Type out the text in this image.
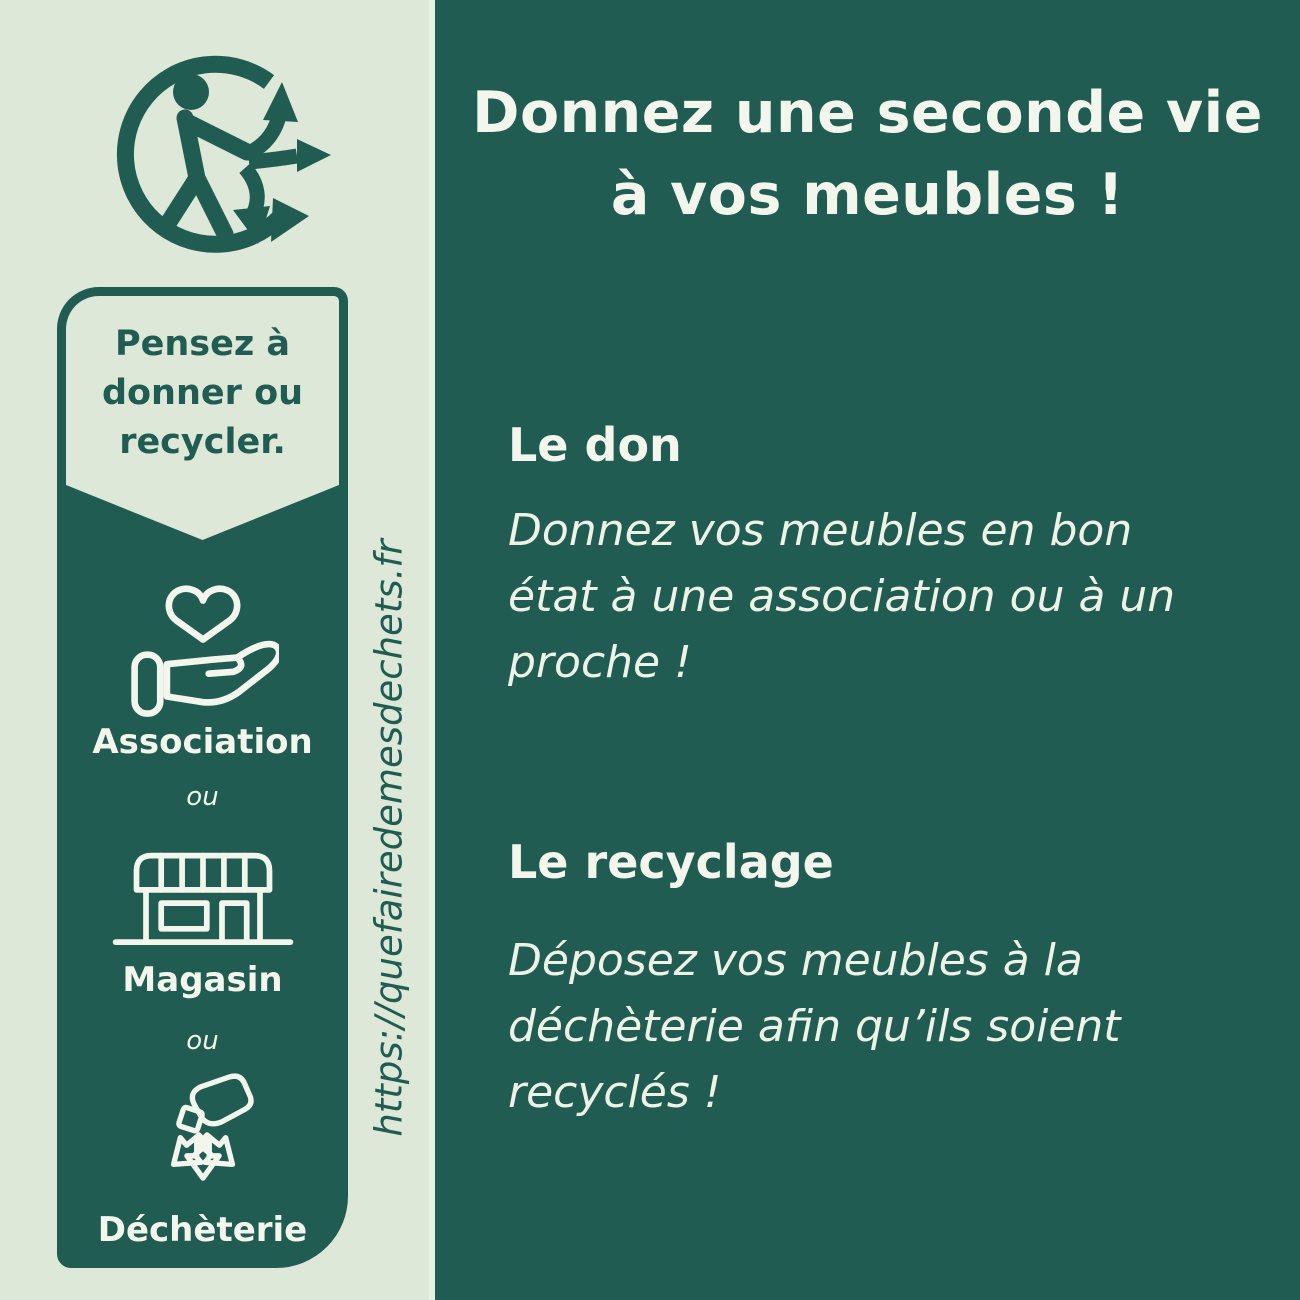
Donnez une seconde vie
à vos meubles !
Le don
Donnez vos meubles en bon
état à une association ou à un
proche !
Le recyclage
Déposez vos meubles à la
déchèterie afin qu’ils soient
recyclés !
Pensez à
donner ou
recycler.
Association
ou
Magasin
ou
Déchèterie
https://quefairedemesdechets.fr
